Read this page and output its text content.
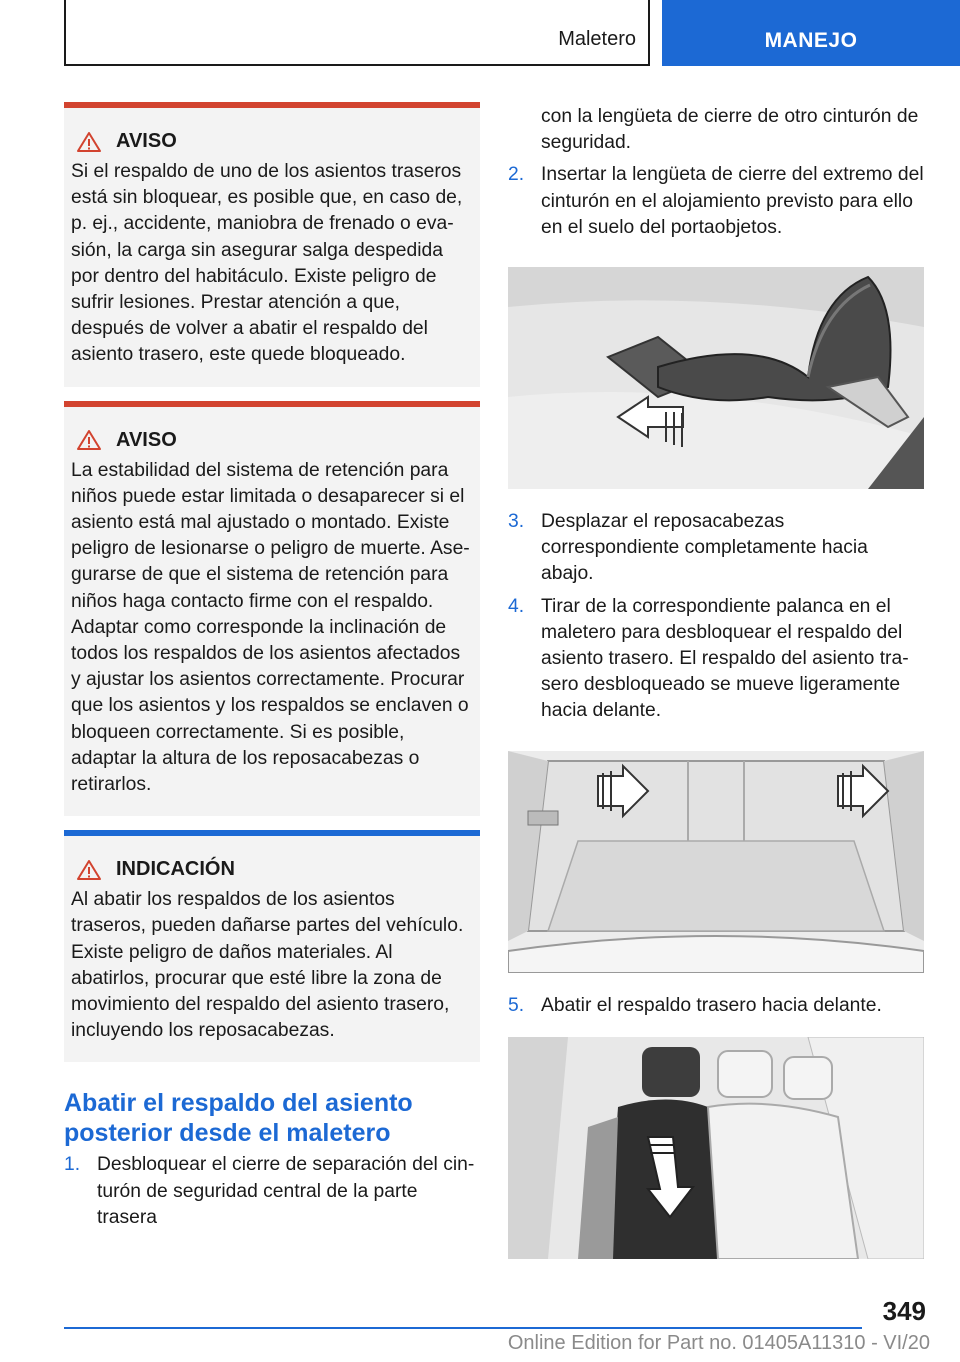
Maletero	MANEJO
AVISO
Si el respaldo de uno de los asientos traseros está sin bloquear, es posible que, en caso de, p. ej., accidente, maniobra de frenado o evasión, la carga sin asegurar salga despedida por dentro del habitáculo. Existe peligro de sufrir lesiones. Prestar atención a que, después de volver a abatir el respaldo del asiento trasero, este quede bloqueado.
AVISO
La estabilidad del sistema de retención para niños puede estar limitada o desaparecer si el asiento está mal ajustado o montado. Existe peligro de lesionarse o peligro de muerte. Asegurarse de que el sistema de retención para niños haga contacto firme con el respaldo. Adaptar como corresponde la inclinación de todos los respaldos de los asientos afectados y ajustar los asientos correctamente. Procurar que los asientos y los respaldos se enclaven o bloqueen correctamente. Si es posible, adaptar la altura de los reposacabezas o retirarlos.
INDICACIÓN
Al abatir los respaldos de los asientos traseros, pueden dañarse partes del vehículo. Existe peligro de daños materiales. Al abatirlos, procurar que esté libre la zona de movimiento del respaldo del asiento trasero, incluyendo los reposacabezas.
Abatir el respaldo del asiento posterior desde el maletero
1. Desbloquear el cierre de separación del cinturón de seguridad central de la parte trasera
con la lengüeta de cierre de otro cinturón de seguridad.
2. Insertar la lengüeta de cierre del extremo del cinturón en el alojamiento previsto para ello en el suelo del portaobjetos.
3. Desplazar el reposacabezas correspondiente completamente hacia abajo.
4. Tirar de la correspondiente palanca en el maletero para desbloquear el respaldo del asiento trasero. El respaldo del asiento trasero desbloqueado se mueve ligeramente hacia delante.
5. Abatir el respaldo trasero hacia delante.
349
Online Edition for Part no. 01405A11310 - VI/20
